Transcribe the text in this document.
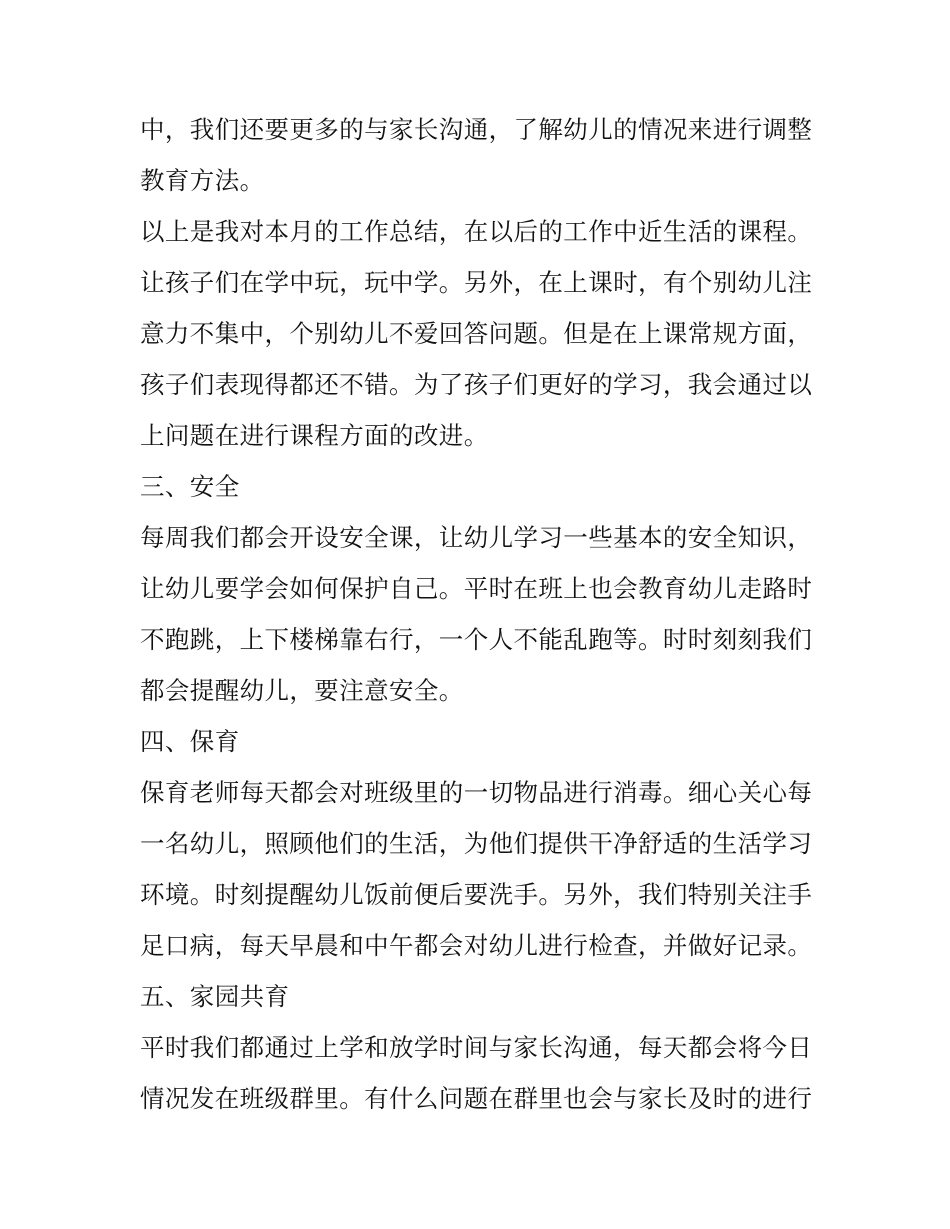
中，我们还要更多的与家长沟通，了解幼儿的情况来进行调整
教育方法。
以上是我对本月的工作总结，在以后的工作中近生活的课程。
让孩子们在学中玩，玩中学。另外，在上课时，有个别幼儿注
意力不集中，个别幼儿不爱回答问题。但是在上课常规方面，
孩子们表现得都还不错。为了孩子们更好的学习，我会通过以
上问题在进行课程方面的改进。
三、安全
每周我们都会开设安全课，让幼儿学习一些基本的安全知识，
让幼儿要学会如何保护自己。平时在班上也会教育幼儿走路时
不跑跳，上下楼梯靠右行，一个人不能乱跑等。时时刻刻我们
都会提醒幼儿，要注意安全。
四、保育
保育老师每天都会对班级里的一切物品进行消毒。细心关心每
一名幼儿，照顾他们的生活，为他们提供干净舒适的生活学习
环境。时刻提醒幼儿饭前便后要洗手。另外，我们特别关注手
足口病，每天早晨和中午都会对幼儿进行检查，并做好记录。
五、家园共育
平时我们都通过上学和放学时间与家长沟通，每天都会将今日
情况发在班级群里。有什么问题在群里也会与家长及时的进行
